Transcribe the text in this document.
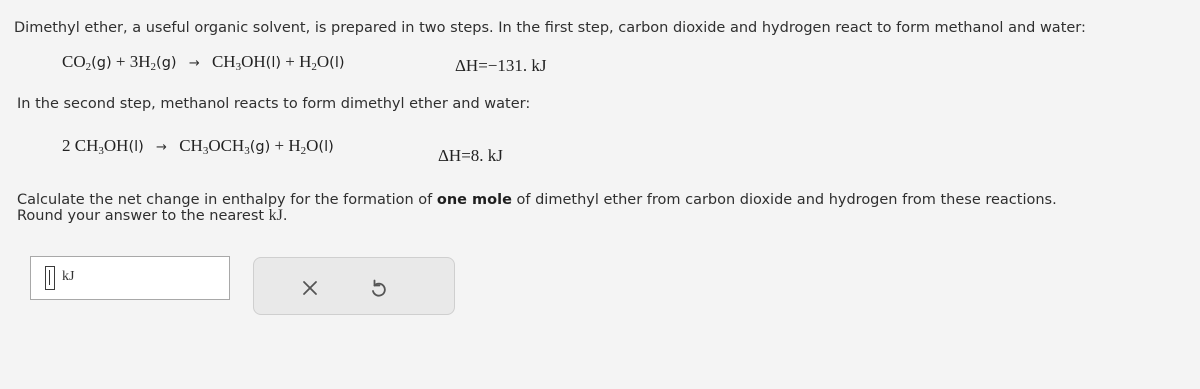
Dimethyl ether, a useful organic solvent, is prepared in two steps. In the first step, carbon dioxide and hydrogen react to form methanol and water:
$CO_2(g) + 3H_2(g) \to CH_3OH(l) + H_2O(l)$	ΔH=−131. kJ
In the second step, methanol reacts to form dimethyl ether and water:
2 $CH_3OH(l) \to CH_3OCH_3(g) + H_2O(l)$	ΔH=8. kJ
Calculate the net change in enthalpy for the formation of one mole of dimethyl ether from carbon dioxide and hydrogen from these reactions.
Round your answer to the nearest kJ.
kJ
